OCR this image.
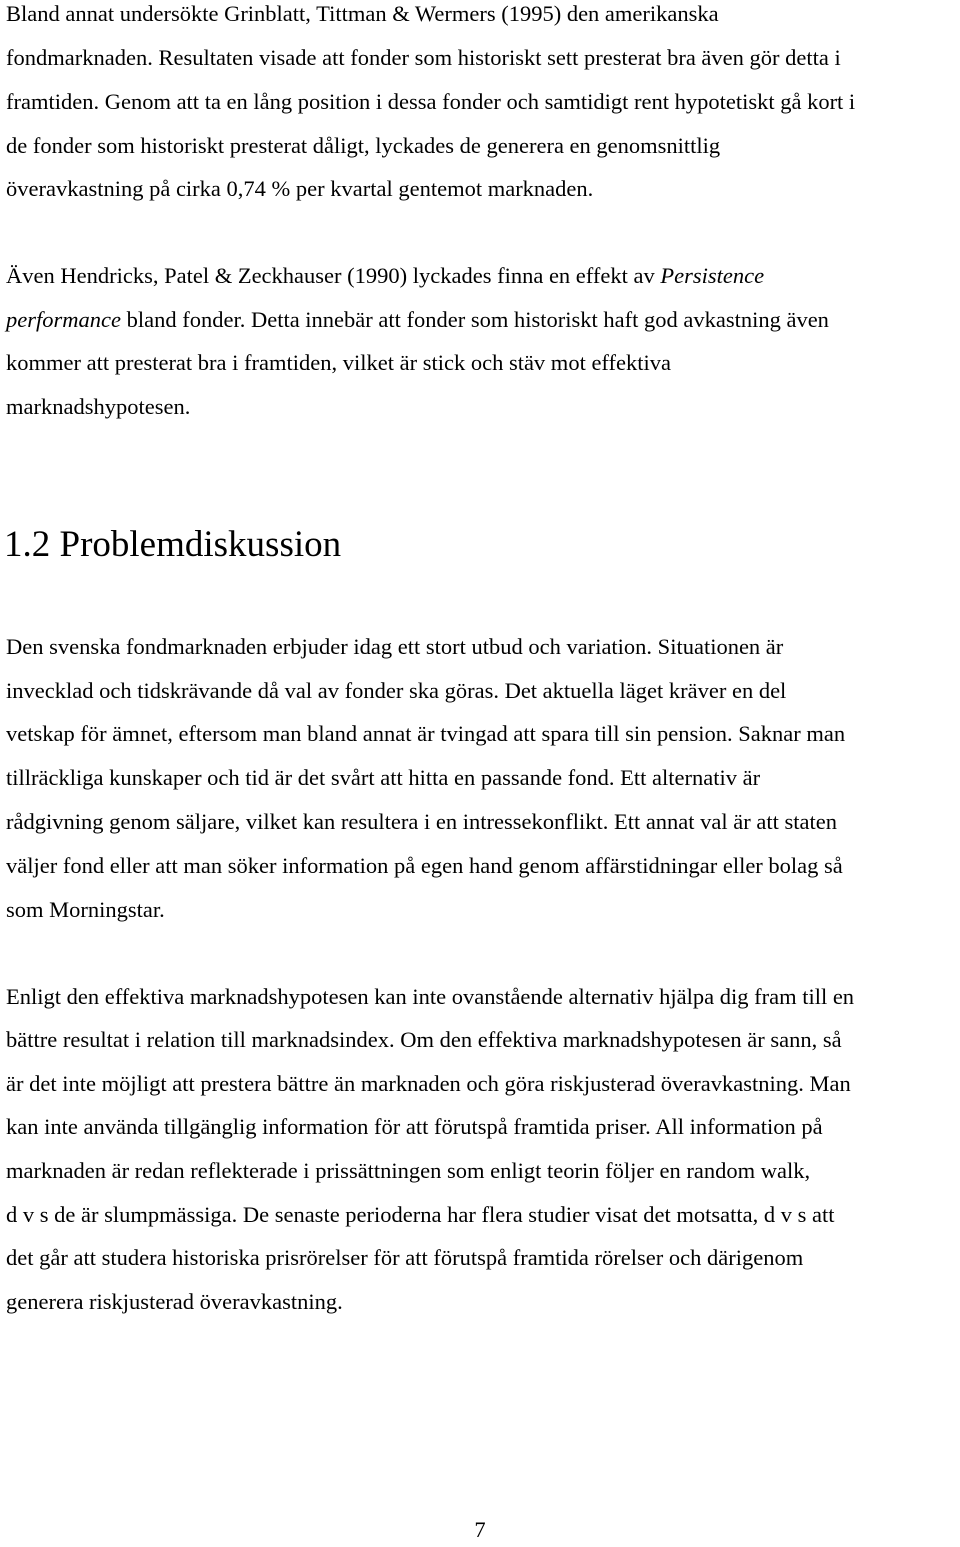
Bland annat undersökte Grinblatt, Tittman & Wermers (1995) den amerikanska
fondmarknaden. Resultaten visade att fonder som historiskt sett presterat bra även gör detta i
framtiden. Genom att ta en lång position i dessa fonder och samtidigt rent hypotetiskt gå kort i
de fonder som historiskt presterat dåligt, lyckades de generera en genomsnittlig
överavkastning på cirka 0,74 % per kvartal gentemot marknaden.
Även Hendricks, Patel & Zeckhauser (1990) lyckades finna en effekt av Persistence
performance bland fonder. Detta innebär att fonder som historiskt haft god avkastning även
kommer att presterat bra i framtiden, vilket är stick och stäv mot effektiva
marknadshypotesen.
1.2 Problemdiskussion
Den svenska fondmarknaden erbjuder idag ett stort utbud och variation. Situationen är
invecklad och tidskrävande då val av fonder ska göras. Det aktuella läget kräver en del
vetskap för ämnet, eftersom man bland annat är tvingad att spara till sin pension. Saknar man
tillräckliga kunskaper och tid är det svårt att hitta en passande fond. Ett alternativ är
rådgivning genom säljare, vilket kan resultera i en intressekonflikt. Ett annat val är att staten
väljer fond eller att man söker information på egen hand genom affärstidningar eller bolag så
som Morningstar.
Enligt den effektiva marknadshypotesen kan inte ovanstående alternativ hjälpa dig fram till en
bättre resultat i relation till marknadsindex. Om den effektiva marknadshypotesen är sann, så
är det inte möjligt att prestera bättre än marknaden och göra riskjusterad överavkastning. Man
kan inte använda tillgänglig information för att förutspå framtida priser. All information på
marknaden är redan reflekterade i prissättningen som enligt teorin följer en random walk,
d v s de är slumpmässiga. De senaste perioderna har flera studier visat det motsatta, d v s att
det går att studera historiska prisrörelser för att förutspå framtida rörelser och därigenom
generera riskjusterad överavkastning.
7
